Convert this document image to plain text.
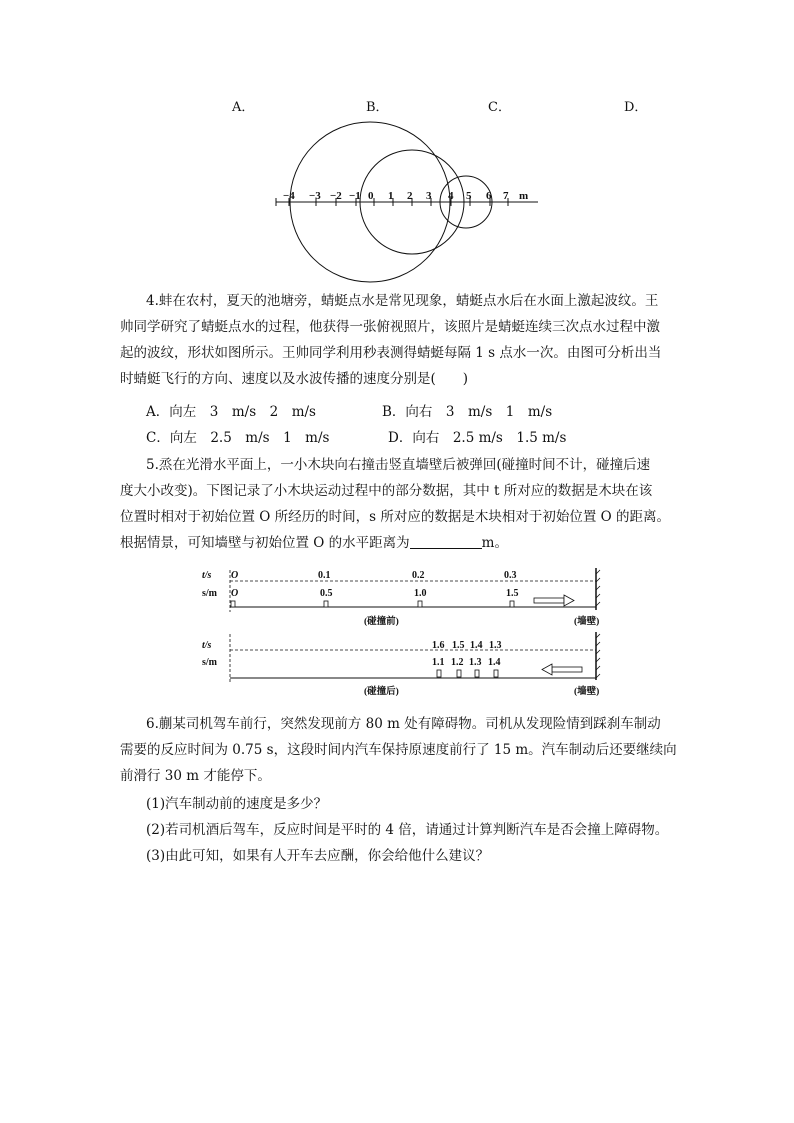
A．	B．	C．	D．
−4 −3 −2 −1 0 1 2 3 4 5 6 7 m
4.蚌在农村，夏天的池塘旁，蜻蜓点水是常见现象，蜻蜓点水后在水面上激起波纹。王
帅同学研究了蜻蜓点水的过程，他获得一张俯视照片，该照片是蜻蜓连续三次点水过程中激
起的波纹，形状如图所示。王帅同学利用秒表测得蜻蜓每隔 1 s 点水一次。由图可分析出当
时蜻蜓飞行的方向、速度以及水波传播的速度分别是(　　)
A．向左　3　m/s　2　m/s	B．向右　3　m/s　1　m/s
C．向左　2.5　m/s　1　m/s	D．向右　2.5 m/s　1.5 m/s
5.烝在光滑水平面上，一小木块向右撞击竖直墙壁后被弹回(碰撞时间不计，碰撞后速
度大小改变)。下图记录了小木块运动过程中的部分数据，其中 t 所对应的数据是木块在该
位置时相对于初始位置 O 所经历的时间，s 所对应的数据是木块相对于初始位置 O 的距离。
根据情景，可知墙壁与初始位置 O 的水平距离为	m。
t/s
s/m
O	0.1	0.2	0.3
O	0.5	1.0	1.5
(碰撞前)	(墙壁)
t/s
s/m
1.6 1.5 1.4 1.3
1.1 1.2 1.3 1.4
(碰撞后)	(墙壁)
6.蒯某司机驾车前行，突然发现前方 80 m 处有障碍物。司机从发现险情到踩刹车制动
需要的反应时间为 0.75 s，这段时间内汽车保持原速度前行了 15 m。汽车制动后还要继续向
前滑行 30 m 才能停下。
(1)汽车制动前的速度是多少？
(2)若司机酒后驾车，反应时间是平时的 4 倍，请通过计算判断汽车是否会撞上障碍物。
(3)由此可知，如果有人开车去应酬，你会给他什么建议？
